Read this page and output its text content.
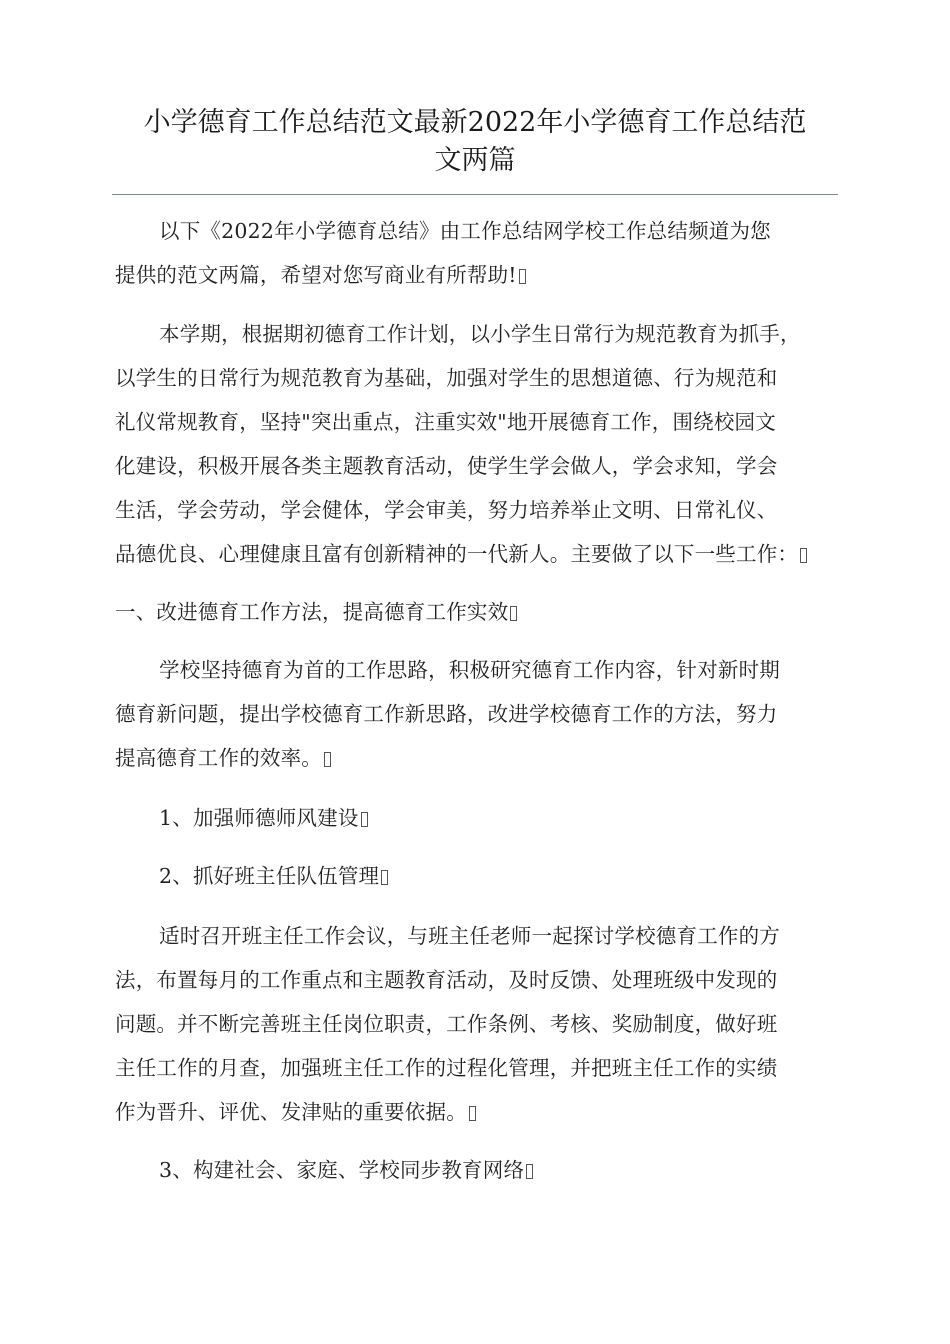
小学德育工作总结范文最新2022年小学德育工作总结范
文两篇
以下《2022年小学德育总结》由工作总结网学校工作总结频道为您
提供的范文两篇，希望对您写商业有所帮助!
本学期，根据期初德育工作计划，以小学生日常行为规范教育为抓手，
以学生的日常行为规范教育为基础，加强对学生的思想道德、行为规范和
礼仪常规教育，坚持"突出重点，注重实效"地开展德育工作，围绕校园文
化建设，积极开展各类主题教育活动，使学生学会做人，学会求知，学会
生活，学会劳动，学会健体，学会审美，努力培养举止文明、日常礼仪、
品德优良、心理健康且富有创新精神的一代新人。主要做了以下一些工作：
一、改进德育工作方法，提高德育工作实效
学校坚持德育为首的工作思路，积极研究德育工作内容，针对新时期
德育新问题，提出学校德育工作新思路，改进学校德育工作的方法，努力
提高德育工作的效率。
1、加强师德师风建设
2、抓好班主任队伍管理
适时召开班主任工作会议，与班主任老师一起探讨学校德育工作的方
法，布置每月的工作重点和主题教育活动，及时反馈、处理班级中发现的
问题。并不断完善班主任岗位职责，工作条例、考核、奖励制度，做好班
主任工作的月查，加强班主任工作的过程化管理，并把班主任工作的实绩
作为晋升、评优、发津贴的重要依据。
3、构建社会、家庭、学校同步教育网络
